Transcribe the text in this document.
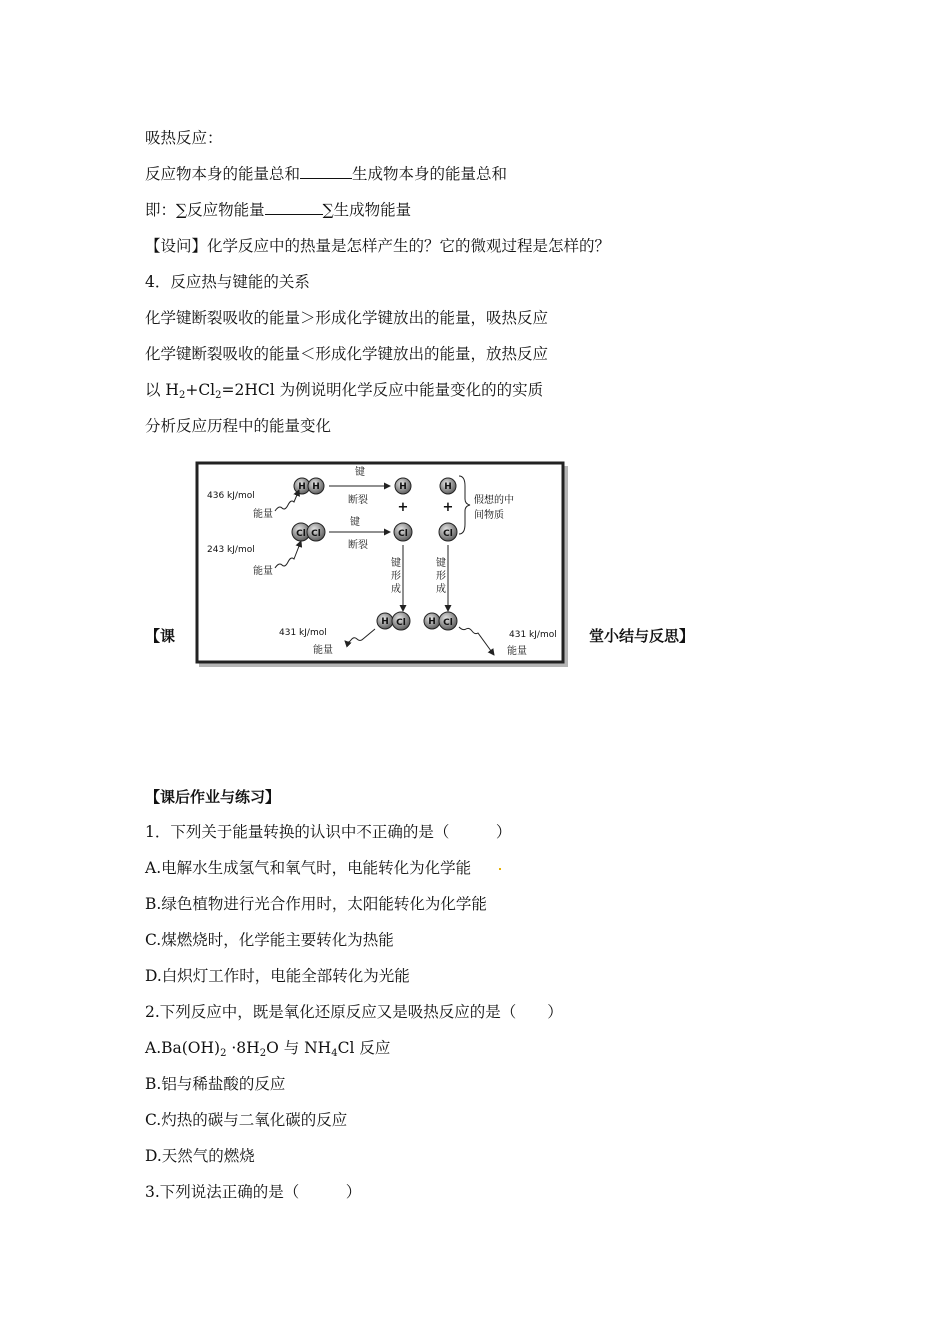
吸热反应：
反应物本身的能量总和	生成物本身的能量总和
即：∑反应物能量	∑生成物能量
【设问】化学反应中的热量是怎样产生的？它的微观过程是怎样的？
4．反应热与键能的关系
化学键断裂吸收的能量＞形成化学键放出的能量，吸热反应
化学键断裂吸收的能量＜形成化学键放出的能量，放热反应
以 $H_2+Cl_2=2HCl$ 为例说明化学反应中能量变化的的实质
分析反应历程中的能量变化
H H
键
断裂
H
+
H
+ 假想的中
间物质
436 kJ/mol
能量
Cl Cl
键
断裂
Cl	Cl
243 kJ/mol
能量
键
形
成
键
形
成
H Cl H Cl
431 kJ/mol
能量
431 kJ/mol
能量
【课	堂小结与反思】
【课后作业与练习】
1．下列关于能量转换的认识中不正确的是（　　　）
A.电解水生成氢气和氧气时，电能转化为化学能
B.绿色植物进行光合作用时，太阳能转化为化学能
C.煤燃烧时，化学能主要转化为热能
D.白炽灯工作时，电能全部转化为光能
2.下列反应中，既是氧化还原反应又是吸热反应的是（　　）
$A.Ba(OH)_2 \cdot 8H_2O$ 与 $NH_4Cl$ 反应
B.铝与稀盐酸的反应
C.灼热的碳与二氧化碳的反应
D.天然气的燃烧
3.下列说法正确的是（　　　）
